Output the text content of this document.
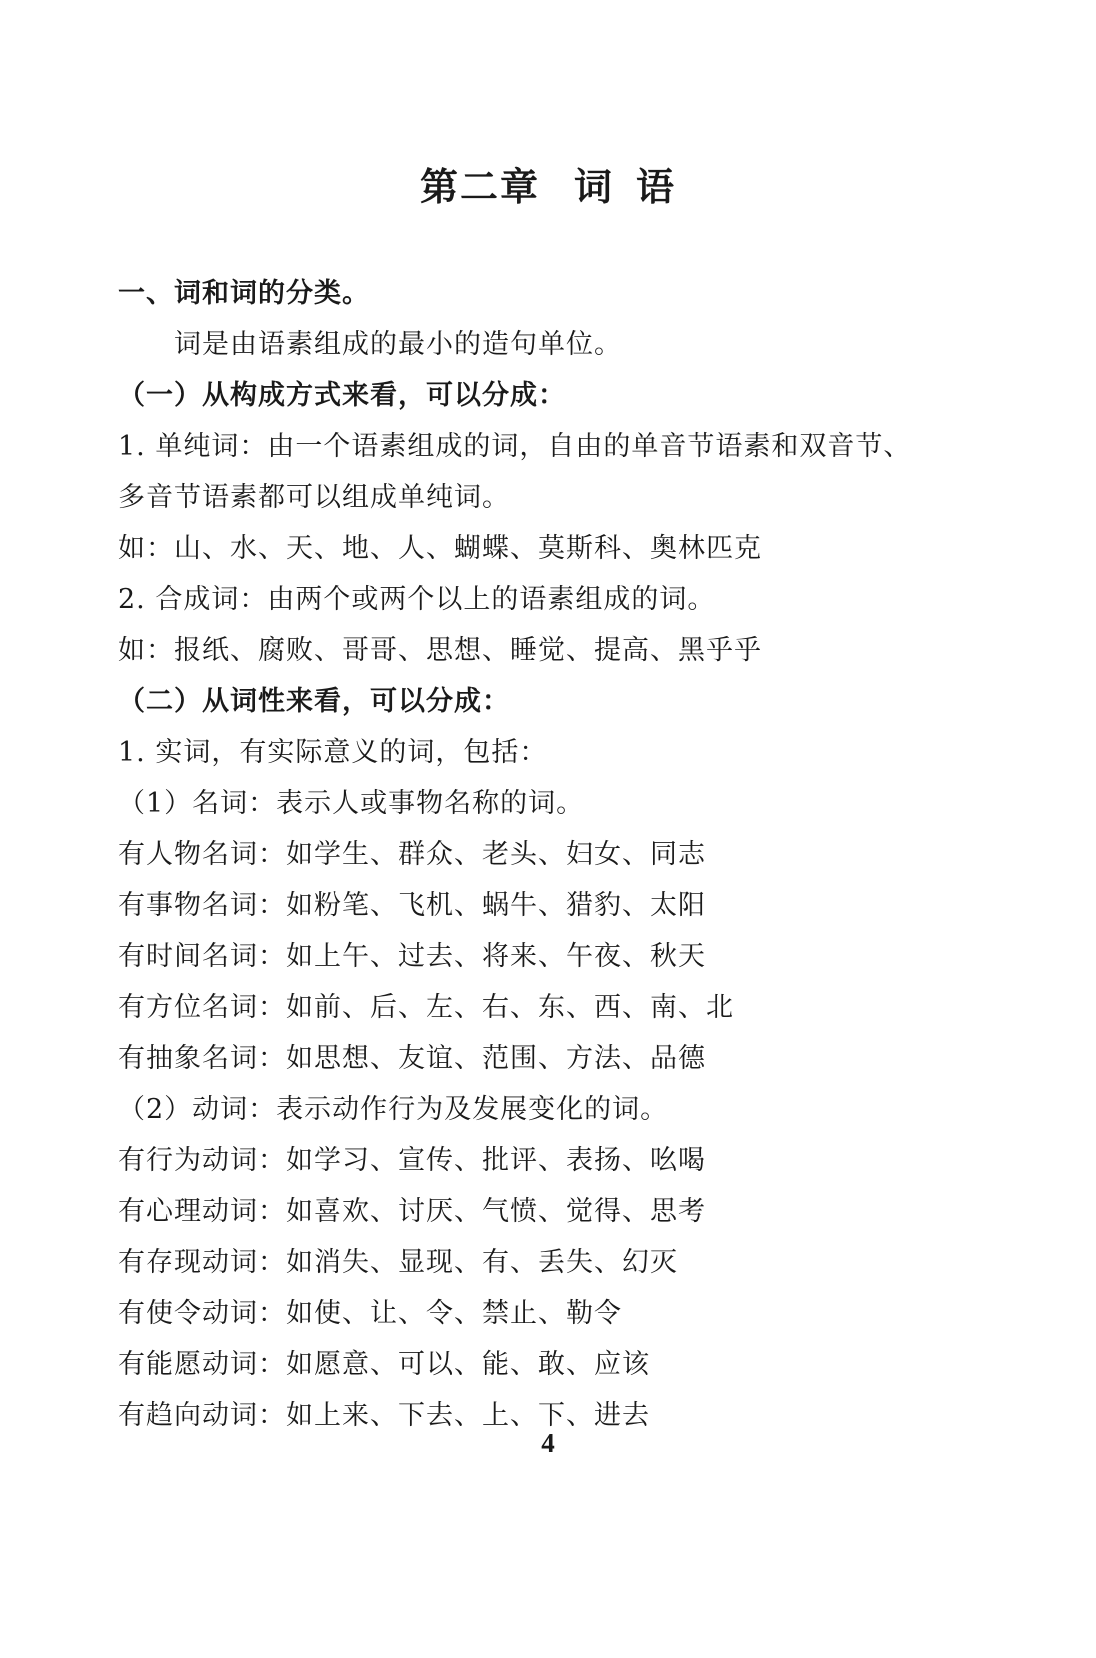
第二章 词 语
一、词和词的分类。
词是由语素组成的最小的造句单位。
（一）从构成方式来看，可以分成：
1. 单纯词：由一个语素组成的词，自由的单音节语素和双音节、
多音节语素都可以组成单纯词。
如：山、水、天、地、人、蝴蝶、莫斯科、奥林匹克
2. 合成词：由两个或两个以上的语素组成的词。
如：报纸、腐败、哥哥、思想、睡觉、提高、黑乎乎
（二）从词性来看，可以分成：
1. 实词，有实际意义的词，包括：
（1）名词：表示人或事物名称的词。
有人物名词：如学生、群众、老头、妇女、同志
有事物名词：如粉笔、飞机、蜗牛、猎豹、太阳
有时间名词：如上午、过去、将来、午夜、秋天
有方位名词：如前、后、左、右、东、西、南、北
有抽象名词：如思想、友谊、范围、方法、品德
（2）动词：表示动作行为及发展变化的词。
有行为动词：如学习、宣传、批评、表扬、吆喝
有心理动词：如喜欢、讨厌、气愤、觉得、思考
有存现动词：如消失、显现、有、丢失、幻灭
有使令动词：如使、让、令、禁止、勒令
有能愿动词：如愿意、可以、能、敢、应该
有趋向动词：如上来、下去、上、下、进去
4
